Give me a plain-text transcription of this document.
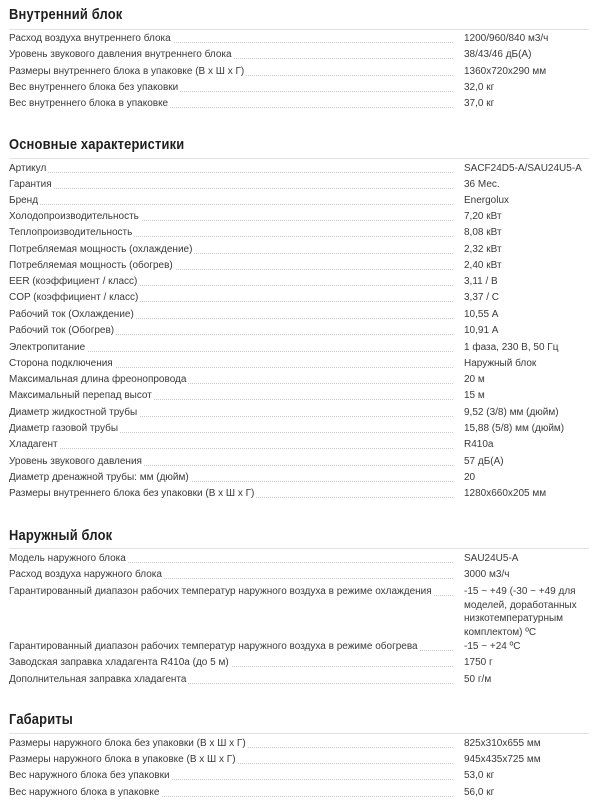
Внутренний блок
Расход воздуха внутреннего блока	1200/960/840 м3/ч
Уровень звукового давления внутреннего блока	38/43/46 дБ(А)
Размеры внутреннего блока в упаковке (В х Ш х Г)	1360х720х290 мм
Вес внутреннего блока без упаковки	32,0 кг
Вес внутреннего блока в упаковке	37,0 кг
Основные характеристики
Артикул	SACF24D5-A/SAU24U5-A
Гарантия	36 Мес.
Бренд	Energolux
Холодопроизводительность	7,20 кВт
Теплопроизводительность	8,08 кВт
Потребляемая мощность (охлаждение)	2,32 кВт
Потребляемая мощность (обогрев)	2,40 кВт
EER (коэффициент / класс)	3,11 / B
COP (коэффициент / класс)	3,37 / C
Рабочий ток (Охлаждение)	10,55 А
Рабочий ток (Обогрев)	10,91 А
Электропитание	1 фаза, 230 В, 50 Гц
Сторона подключения	Наружный блок
Максимальная длина фреонопровода	20 м
Максимальный перепад высот	15 м
Диаметр жидкостной трубы	9,52 (3/8) мм (дюйм)
Диаметр газовой трубы	15,88 (5/8) мм (дюйм)
Хладагент	R410a
Уровень звукового давления	57 дБ(А)
Диаметр дренажной трубы: мм (дюйм)	20
Размеры внутреннего блока без упаковки (В х Ш х Г)	1280х660х205 мм
Наружный блок
Модель наружного блока	SAU24U5-A
Расход воздуха наружного блока	3000 м3/ч
Гарантированный диапазон рабочих температур наружного воздуха в режиме охлаждения	-15 ~ +49 (-30 ~ +49 для моделей, доработанных низкотемпературным комплектом) ºC
Гарантированный диапазон рабочих температур наружного воздуха в режиме обогрева	-15 ~ +24 ºC
Заводская заправка хладагента R410a (до 5 м)	1750 г
Дополнительная заправка хладагента	50 г/м
Габариты
Размеры наружного блока без упаковки (В х Ш х Г)	825х310х655 мм
Размеры наружного блока в упаковке (В х Ш х Г)	945х435х725 мм
Вес наружного блока без упаковки	53,0 кг
Вес наружного блока в упаковке	56,0 кг
